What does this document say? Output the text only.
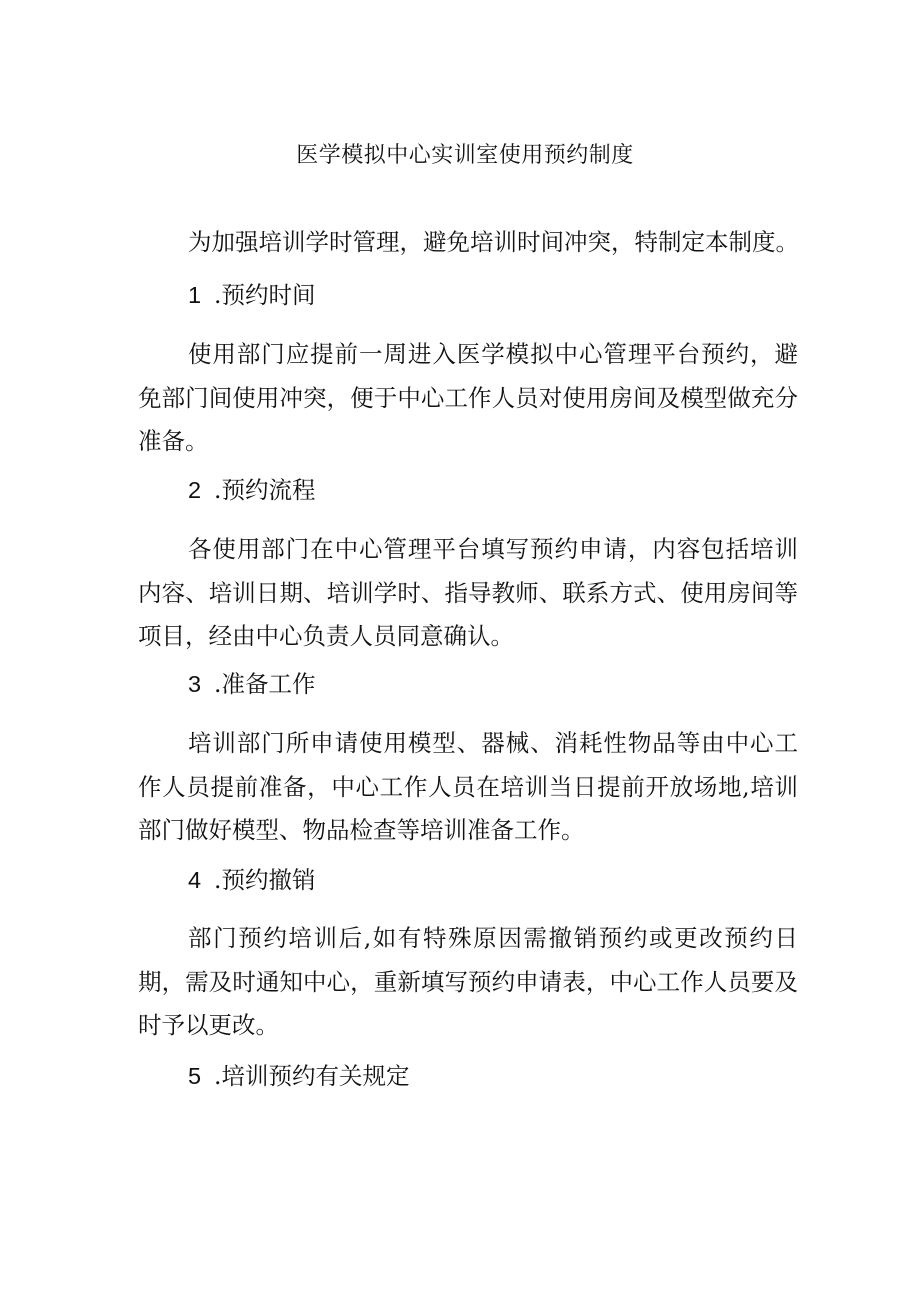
医学模拟中心实训室使用预约制度
为加强培训学时管理，避免培训时间冲突，特制定本制度。
1 .预约时间
使用部门应提前一周进入医学模拟中心管理平台预约，避免部门间使用冲突，便于中心工作人员对使用房间及模型做充分准备。
2 .预约流程
各使用部门在中心管理平台填写预约申请，内容包括培训内容、培训日期、培训学时、指导教师、联系方式、使用房间等项目，经由中心负责人员同意确认。
3 .准备工作
培训部门所申请使用模型、器械、消耗性物品等由中心工作人员提前准备，中心工作人员在培训当日提前开放场地,培训部门做好模型、物品检查等培训准备工作。
4 .预约撤销
部门预约培训后,如有特殊原因需撤销预约或更改预约日期，需及时通知中心，重新填写预约申请表，中心工作人员要及时予以更改。
5 .培训预约有关规定
